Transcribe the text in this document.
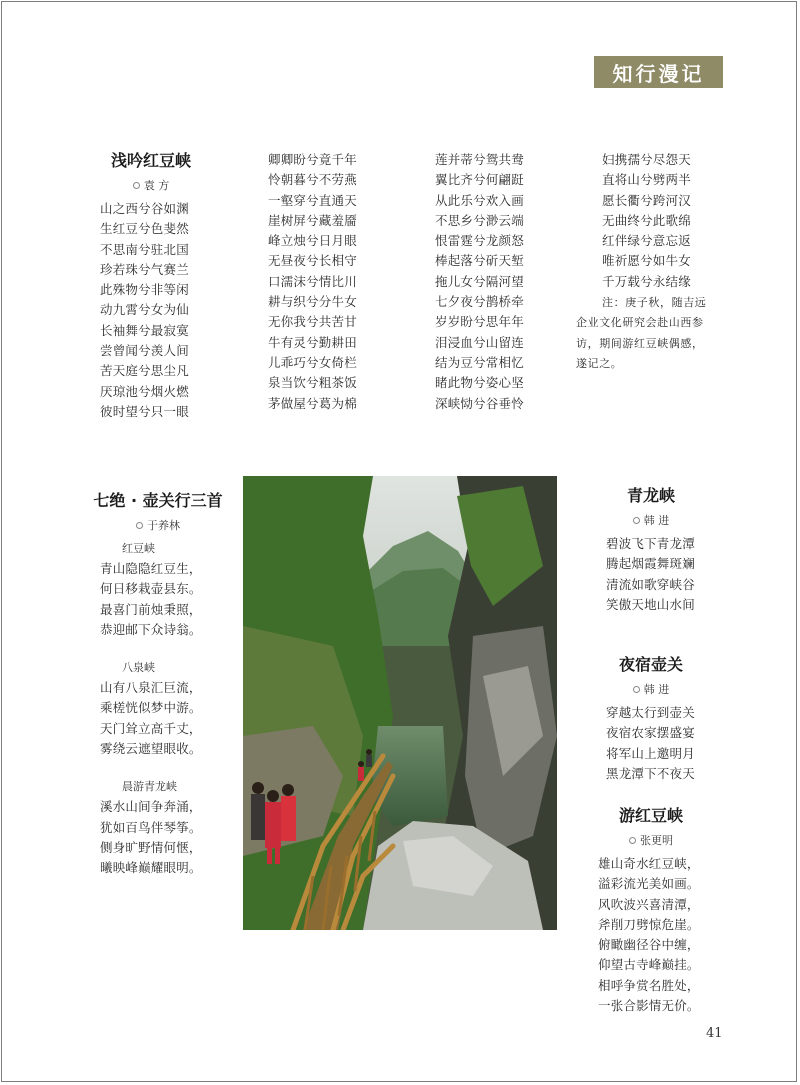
知行漫记
浅吟红豆峡
袁 方
山之西兮谷如渊
生红豆兮色斐然
不思南兮驻北国
珍若珠兮气赛兰
此殊物兮非等闲
动九霄兮女为仙
长袖舞兮最寂寞
尝曾闻兮羡人间
苦天庭兮思尘凡
厌琼池兮烟火燃
彼时望兮只一眼
卿卿盼兮竟千年
怜朝暮兮不劳燕
一壑穿兮直通天
崖树屏兮藏羞靥
峰立烛兮日月眼
无昼夜兮长相守
口濡沫兮情比川
耕与织兮分牛女
无你我兮共苦甘
牛有灵兮勤耕田
儿乖巧兮女倚栏
泉当饮兮粗茶饭
茅做屋兮葛为棉
莲并蒂兮鸳共鸯
翼比齐兮何翩跹
从此乐兮欢入画
不思乡兮渺云端
恨雷霆兮龙颜怒
棒起落兮斫天堑
拖儿女兮隔河望
七夕夜兮鹊桥牵
岁岁盼兮思年年
泪浸血兮山留连
结为豆兮常相忆
睹此物兮姿心坚
深峡恸兮谷垂怜
妇携孺兮尽怨天
直将山兮劈两半
愿长衢兮跨河汉
无曲终兮此歌绵
红伴绿兮意忘返
唯祈愿兮如牛女
千万载兮永结缘
注：庚子秋，随吉远
企业文化研究会赴山西参
访，期间游红豆峡偶感，
遂记之。
七绝 · 壶关行三首
于养林
红豆峡
青山隐隐红豆生，
何日移栽壶县东。
最喜门前烛秉照，
恭迎邮下众诗翁。
八泉峡
山有八泉汇巨流，
乘槎恍似梦中游。
天门耸立高千丈，
雾绕云遮望眼收。
晨游青龙峡
溪水山间争奔涌，
犹如百鸟伴琴筝。
侧身旷野情何惬，
曦映峰巅耀眼明。
青龙峡
韩 进
碧波飞下青龙潭
腾起烟霞舞斑斓
清流如歌穿峡谷
笑傲天地山水间
夜宿壶关
韩 进
穿越太行到壶关
夜宿农家摆盛宴
将军山上邀明月
黑龙潭下不夜天
游红豆峡
张更明
雄山奇水红豆峡，
溢彩流光美如画。
风吹波兴喜清潭，
斧削刀劈惊危崖。
俯瞰幽径谷中缠，
仰望古寺峰巅挂。
相呼争赏名胜处，
一张合影情无价。
41
